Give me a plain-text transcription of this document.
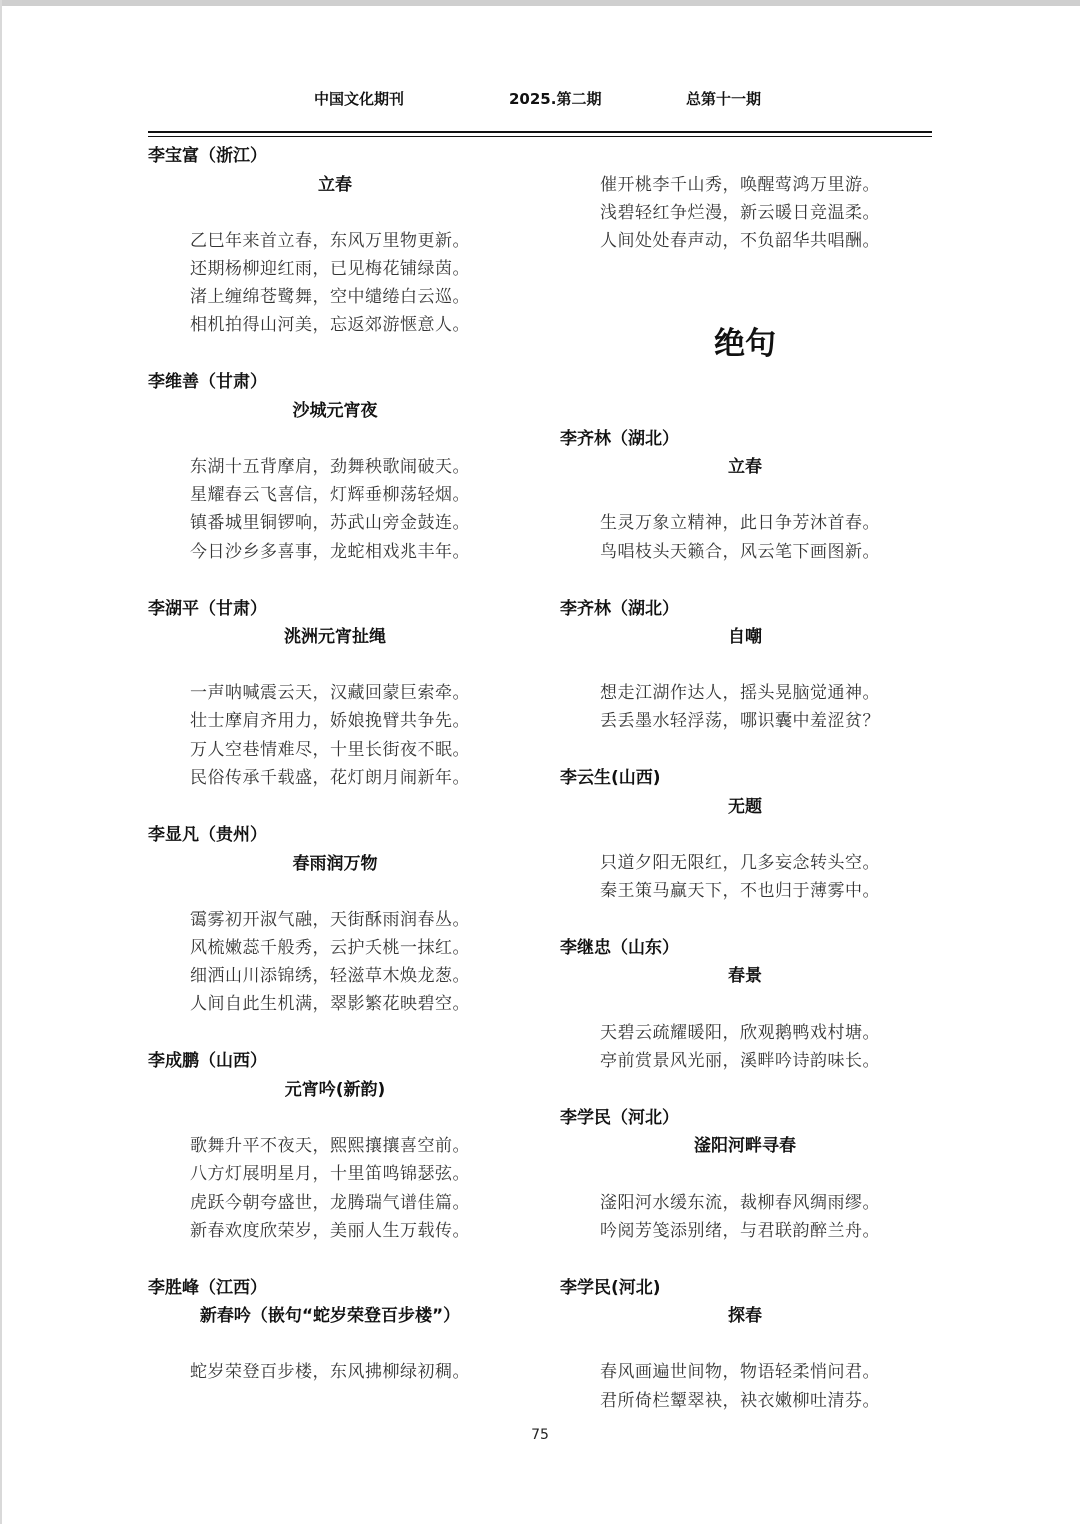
中国文化期刊	2025.第二期	总第十一期
李宝富（浙江）
立春
乙巳年来首立春，东风万里物更新。
还期杨柳迎红雨，已见梅花铺绿茵。
渚上缠绵苍鹭舞，空中缱绻白云巡。
相机拍得山河美，忘返郊游惬意人。
李维善（甘肃）
沙城元宵夜
东湖十五背摩肩，劲舞秧歌闹破天。
星耀春云飞喜信，灯辉垂柳荡轻烟。
镇番城里铜锣响，苏武山旁金鼓连。
今日沙乡多喜事，龙蛇相戏兆丰年。
李湖平（甘肃）
洮洲元宵扯绳
一声呐喊震云天，汉藏回蒙巨索牵。
壮士摩肩齐用力，娇娘挽臂共争先。
万人空巷情难尽，十里长街夜不眠。
民俗传承千载盛，花灯朗月闹新年。
李显凡（贵州）
春雨润万物
霭雾初开淑气融，天街酥雨润春丛。
风梳嫩蕊千般秀，云护夭桃一抹红。
细洒山川添锦绣，轻滋草木焕龙葱。
人间自此生机满，翠影繁花映碧空。
李成鹏（山西）
元宵吟(新韵)
歌舞升平不夜天，熙熙攘攘喜空前。
八方灯展明星月，十里笛鸣锦瑟弦。
虎跃今朝夸盛世，龙腾瑞气谱佳篇。
新春欢度欣荣岁，美丽人生万载传。
李胜峰（江西）
新春吟（嵌句“蛇岁荣登百步楼”）
蛇岁荣登百步楼，东风拂柳绿初稠。
催开桃李千山秀，唤醒莺鸿万里游。
浅碧轻红争烂漫，新云暖日竞温柔。
人间处处春声动，不负韶华共唱酬。
绝句
李齐林（湖北）
立春
生灵万象立精神，此日争芳沐首春。
鸟唱枝头天籁合，风云笔下画图新。
李齐林（湖北）
自嘲
想走江湖作达人，摇头晃脑觉通神。
丢丢墨水轻浮荡，哪识囊中羞涩贫？
李云生(山西)
无题
只道夕阳无限红，几多妄念转头空。
秦王策马赢天下，不也归于薄雾中。
李继忠（山东）
春景
天碧云疏耀暖阳，欣观鹅鸭戏村塘。
亭前赏景风光丽，溪畔吟诗韵味长。
李学民（河北）
滏阳河畔寻春
滏阳河水缓东流，裁柳春风绸雨缪。
吟阅芳笺添别绪，与君联韵醉兰舟。
李学民(河北)
探春
春风画遍世间物，物语轻柔悄问君。
君所倚栏颦翠袂，袂衣嫩柳吐清芬。
75
